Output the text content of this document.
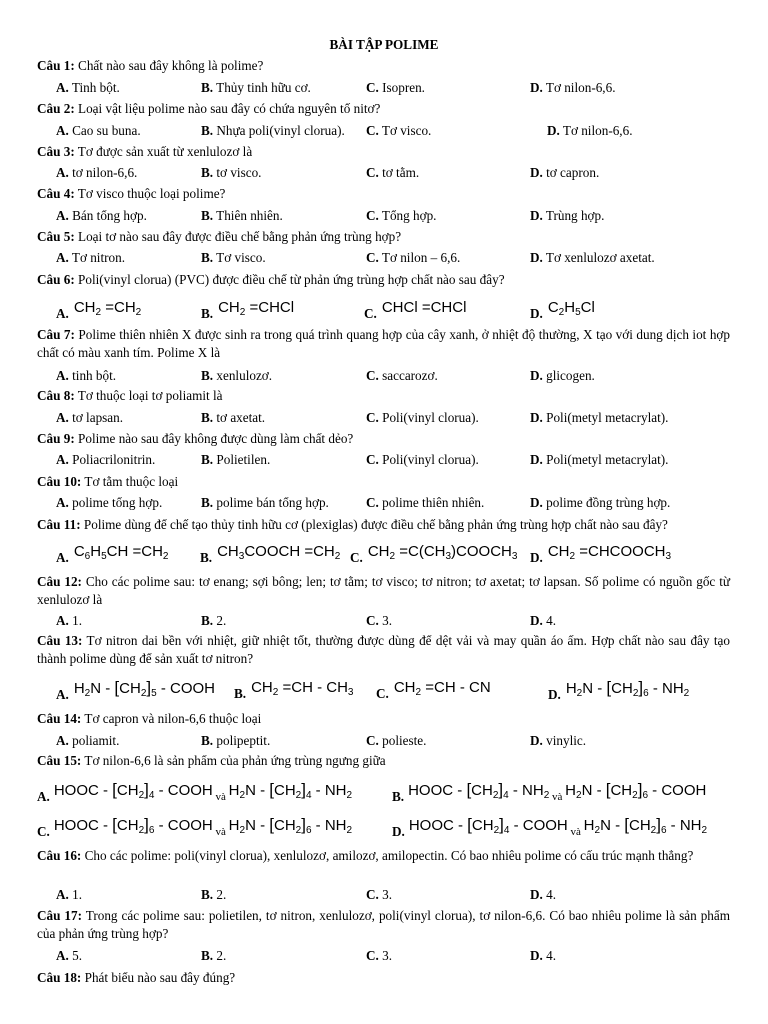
BÀI TẬP POLIME
Câu 1: Chất nào sau đây không là polime?
A. Tinh bột.	B. Thủy tinh hữu cơ.	C. Isopren.	D. Tơ nilon-6,6.
Câu 2: Loại vật liệu polime nào sau đây có chứa nguyên tố nitơ?
A. Cao su buna.	B. Nhựa poli(vinyl clorua). C. Tơ visco.	D. Tơ nilon-6,6.
Câu 3: Tơ được sản xuất từ xenlulozơ là
A. tơ nilon-6,6.	B. tơ visco.	C. tơ tằm.	D. tơ capron.
Câu 4: Tơ visco thuộc loại polime?
A. Bán tổng hợp.	B. Thiên nhiên.	C. Tổng hợp.	D. Trùng hợp.
Câu 5: Loại tơ nào sau đây được điều chế bằng phản ứng trùng hợp?
A. Tơ nitron.	B. Tơ visco.	C. Tơ nilon – 6,6.	D. Tơ xenlulozơ axetat.
Câu 6: Poli(vinyl clorua) (PVC) được điều chế từ phản ứng trùng hợp chất nào sau đây?
A. $CH_2 =CH_2$	B. $CH_2$ =CHCl	C. CHCl =CHCl	D. $C_2H_5Cl$
Câu 7: Polime thiên nhiên X được sinh ra trong quá trình quang hợp của cây xanh, ở nhiệt độ thường, X tạo với dung dịch iot hợp chất có màu xanh tím. Polime X là
A. tinh bột.	B. xenlulozơ.	C. saccarozơ.	D. glicogen.
Câu 8: Tơ thuộc loại tơ poliamit là
A. tơ lapsan.	B. tơ axetat.	C. Poli(vinyl clorua).	D. Poli(metyl metacrylat).
Câu 9: Polime nào sau đây không được dùng làm chất dẻo?
A. Poliacrilonitrin.	B. Polietilen.	C. Poli(vinyl clorua).	D. Poli(metyl metacrylat).
Câu 10: Tơ tằm thuộc loại
A. polime tổng hợp.	B. polime bán tổng hợp.	C. polime thiên nhiên.	D. polime đồng trùng hợp.
Câu 11: Polime dùng để chế tạo thủy tinh hữu cơ (plexiglas) được điều chế bằng phản ứng trùng hợp chất nào sau đây?
A. $C_6H_5CH =CH_2$ B. $CH_3COOCH =CH_2$ C. $CH_2$ $=C(CH_3)COOCH_3$ D. $CH_2$ $=CHCOOCH_3$
Câu 12: Cho các polime sau: tơ enang; sợi bông; len; tơ tằm; tơ visco; tơ nitron; tơ axetat; tơ lapsan. Số polime có nguồn gốc từ xenlulozơ là
A. 1.	B. 2.	C. 3.	D. 4.
Câu 13: Tơ nitron dai bền với nhiệt, giữ nhiệt tốt, thường được dùng để dệt vải và may quần áo ấm. Hợp chất nào sau đây tạo thành polime dùng để sản xuất tơ nitron?
A. $H_2N - [CH_2]_5$ - COOH B. $CH_2 =CH - CH_3$ C. $CH_2 =CH$ - CN	D. $H_2N - [CH_2]_6 - NH_2$
Câu 14: Tơ capron và nilon-6,6 thuộc loại
A. poliamit.	B. polipeptit.	C. polieste.	D. vinylic.
Câu 15: Tơ nilon-6,6 là sản phẩm của phản ứng trùng ngưng giữa
A. HOOC - $[CH_2]_4$ - COOH $_{và}$ $H_2N - [CH_2]_4 - NH_2$	B. HOOC - $[CH_2]_4 - NH_2$ $_{và}$ $H_2N - [CH_2]_6$ - COOH
C. HOOC - $[CH_2]_6$ - COOH $_{và}$ $H_2N - [CH_2]_6 - NH_2$	D. HOOC - $[CH_2]_4$ - COOH $_{và}$ $H_2N - [CH_2]_6 - NH_2$
Câu 16: Cho các polime: poli(vinyl clorua), xenlulozơ, amilozơ, amilopectin. Có bao nhiêu polime có cấu trúc mạnh thẳng?
A. 1.	B. 2.	C. 3.	D. 4.
Câu 17: Trong các polime sau: polietilen, tơ nitron, xenlulozơ, poli(vinyl clorua), tơ nilon-6,6. Có bao nhiêu polime là sản phẩm của phản ứng trùng hợp?
A. 5.	B. 2.	C. 3.	D. 4.
Câu 18: Phát biểu nào sau đây đúng?
